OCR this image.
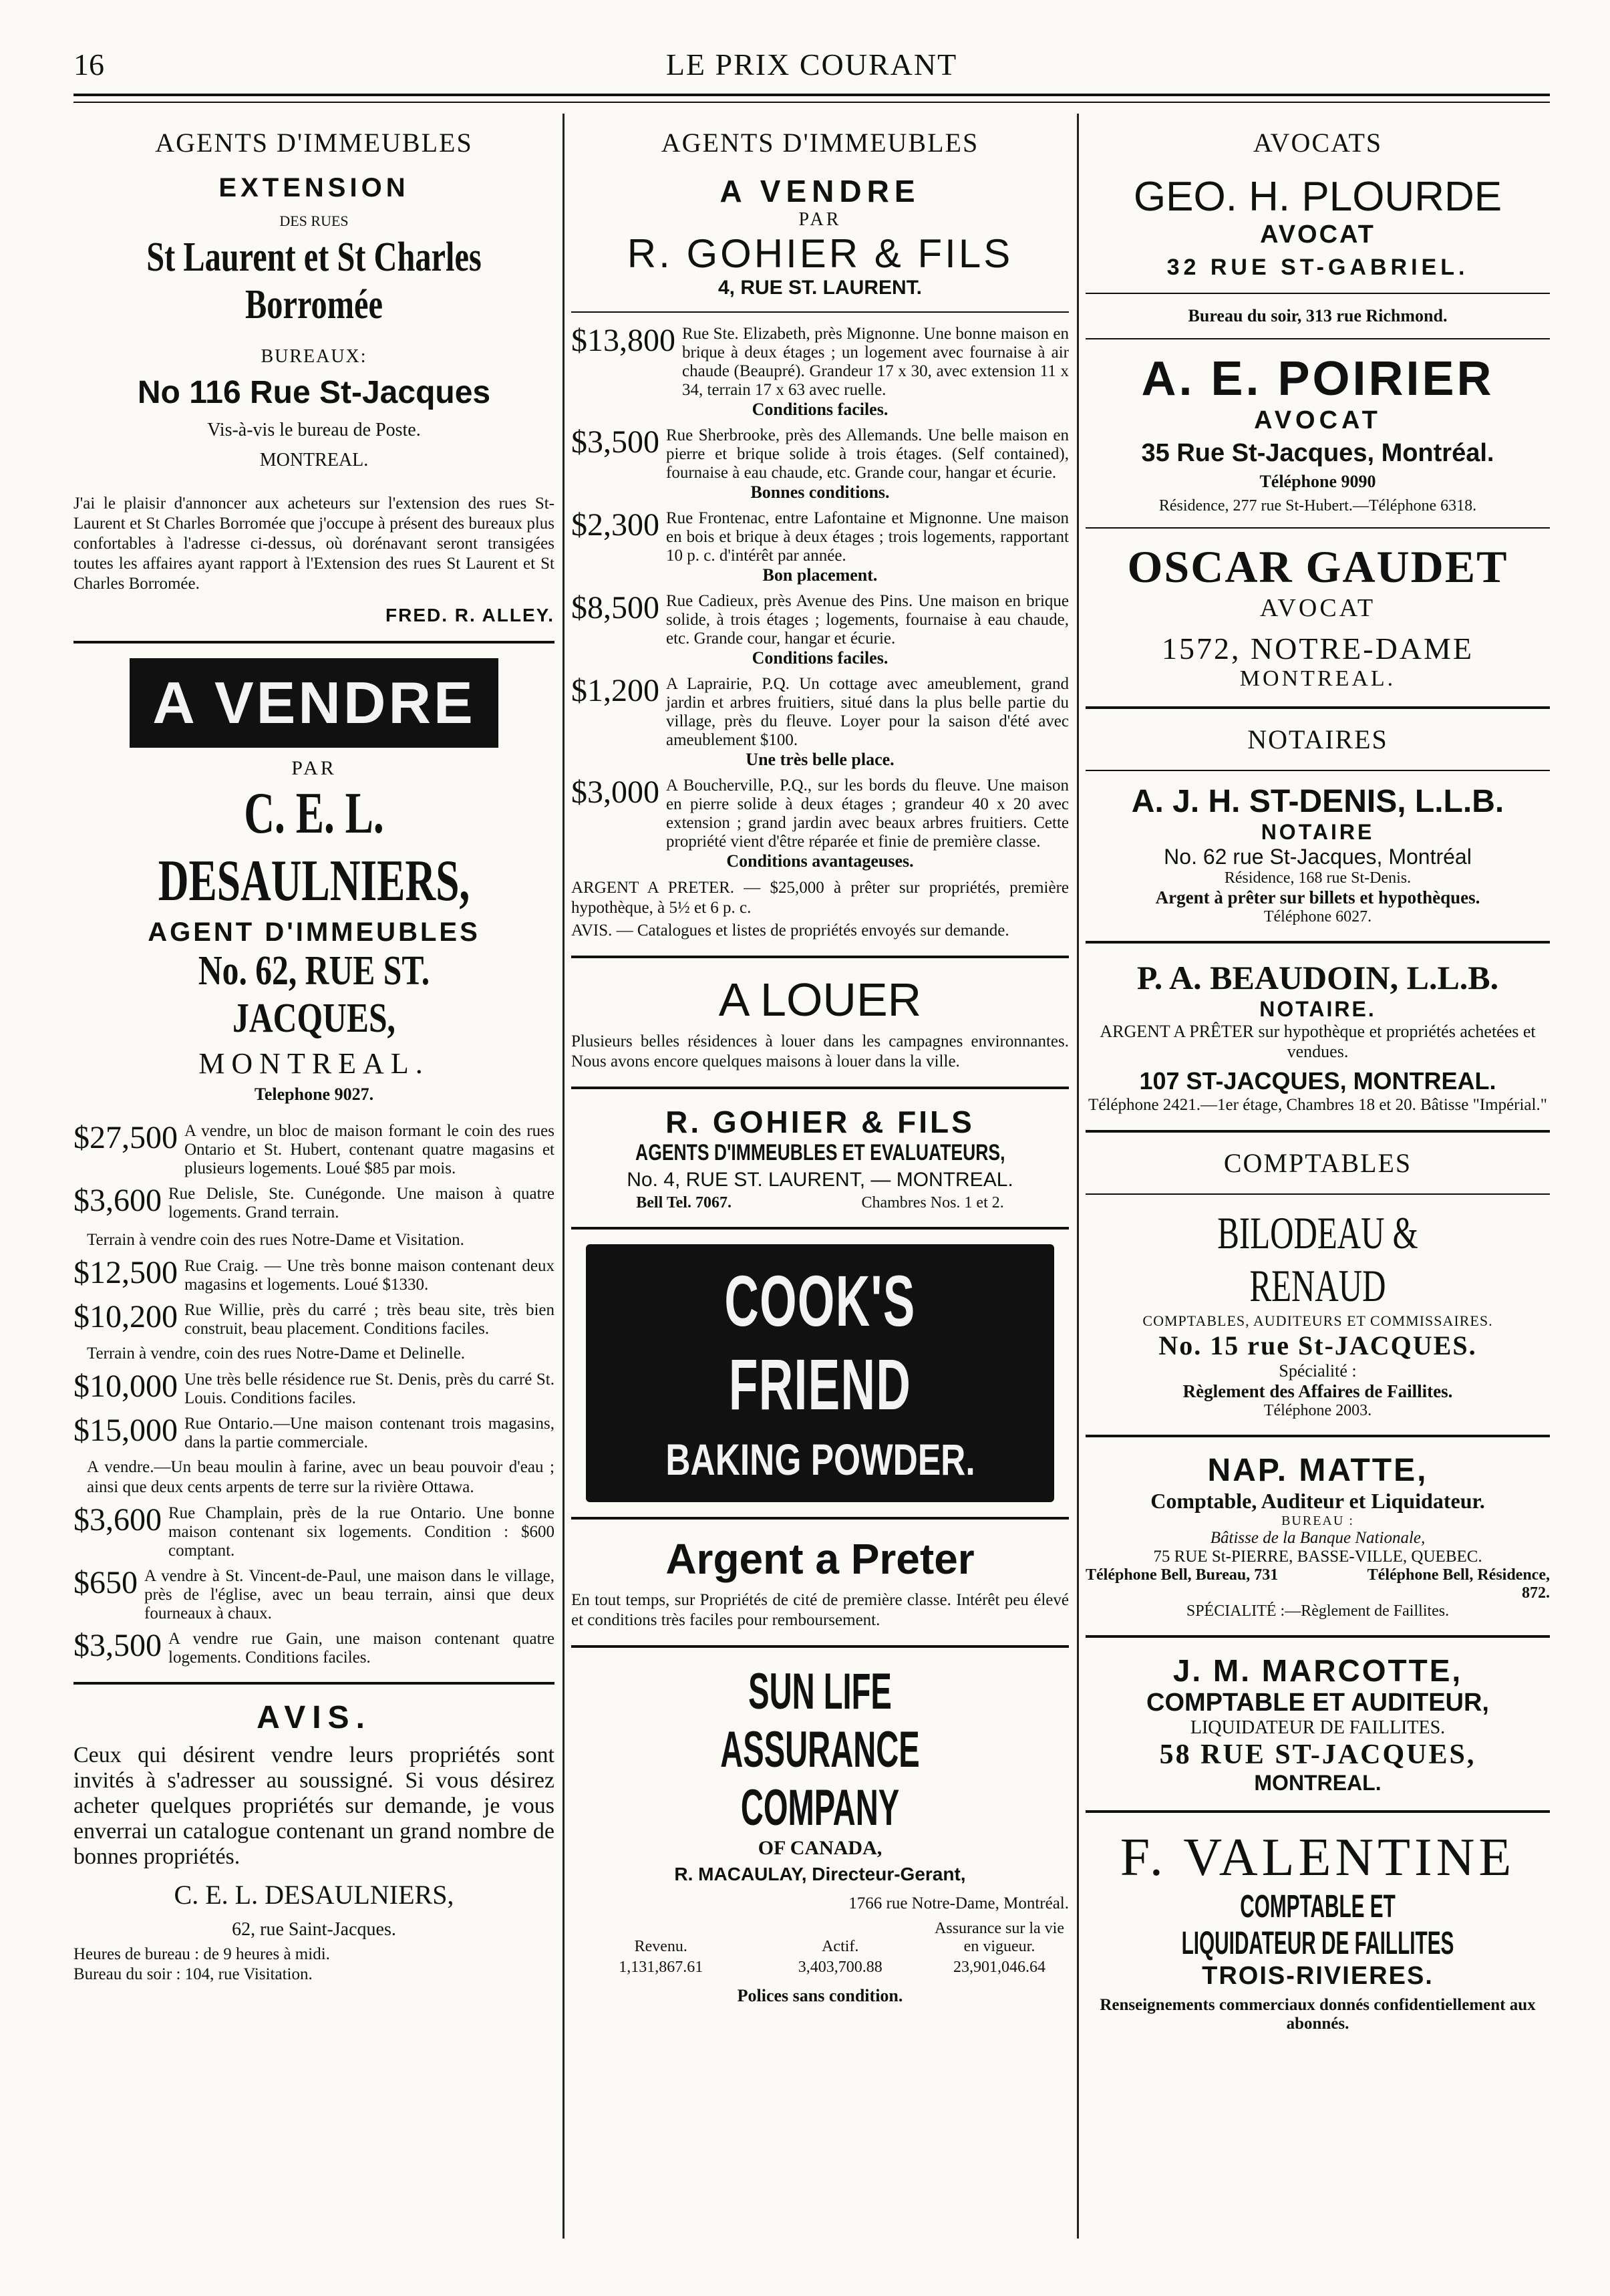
16	LE PRIX COURANT
AGENTS D'IMMEUBLES
EXTENSION
DES RUES
St Laurent et St Charles Borromée
BUREAUX:
No 116 Rue St-Jacques
Vis-à-vis le bureau de Poste.
MONTREAL.
J'ai le plaisir d'annoncer aux acheteurs sur l'extension des rues St-Laurent et St Charles Borromée que j'occupe à présent des bureaux plus confortables à l'adresse ci-dessus, où dorénavant seront transigées toutes les affaires ayant rapport à l'Extension des rues St Laurent et St Charles Borromée.
FRED. R. ALLEY.
A VENDRE
PAR
C. E. L. DESAULNIERS,
AGENT D'IMMEUBLES
No. 62, RUE ST. JACQUES,
MONTREAL.
Telephone 9027.
$27,500 A vendre, un bloc de maison formant le coin des rues Ontario et St. Hubert, contenant quatre magasins et plusieurs logements. Loué $85 par mois.
$3,600 Rue Delisle, Ste. Cunégonde. Une maison à quatre logements. Grand terrain.
Terrain à vendre coin des rues Notre-Dame et Visitation.
$12,500 Rue Craig. — Une très bonne maison contenant deux magasins et logements. Loué $1330.
$10,200 Rue Willie, près du carré ; très beau site, très bien construit, beau placement. Conditions faciles.
Terrain à vendre, coin des rues Notre-Dame et Delinelle.
$10,000 Une très belle résidence rue St. Denis, près du carré St. Louis. Conditions faciles.
$15,000 Rue Ontario.—Une maison contenant trois magasins, dans la partie commerciale.
A vendre.—Un beau moulin à farine, avec un beau pouvoir d'eau ; ainsi que deux cents arpents de terre sur la rivière Ottawa.
$3,600 Rue Champlain, près de la rue Ontario. Une bonne maison contenant six logements. Condition : $600 comptant.
$650 A vendre à St. Vincent-de-Paul, une maison dans le village, près de l'église, avec un beau terrain, ainsi que deux fourneaux à chaux.
$3,500 A vendre rue Gain, une maison contenant quatre logements. Conditions faciles.
AVIS.
Ceux qui désirent vendre leurs propriétés sont invités à s'adresser au soussigné. Si vous désirez acheter quelques propriétés sur demande, je vous enverrai un catalogue contenant un grand nombre de bonnes propriétés.
C. E. L. DESAULNIERS,
62, rue Saint-Jacques.
Heures de bureau : de 9 heures à midi.
Bureau du soir : 104, rue Visitation.
AGENTS D'IMMEUBLES
A VENDRE
PAR
R. GOHIER & FILS
4, RUE ST. LAURENT.
$13,800 Rue Ste. Elizabeth, près Mignonne. Une bonne maison en brique à deux étages ; un logement avec fournaise à air chaude (Beaupré). Grandeur 17 x 30, avec extension 11 x 34, terrain 17 x 63 avec ruelle.
Conditions faciles.
$3,500 Rue Sherbrooke, près des Allemands. Une belle maison en pierre et brique solide à trois étages. (Self contained), fournaise à eau chaude, etc. Grande cour, hangar et écurie.
Bonnes conditions.
$2,300 Rue Frontenac, entre Lafontaine et Mignonne. Une maison en bois et brique à deux étages ; trois logements, rapportant 10 p. c. d'intérêt par année.
Bon placement.
$8,500 Rue Cadieux, près Avenue des Pins. Une maison en brique solide, à trois étages ; logements, fournaise à eau chaude, etc. Grande cour, hangar et écurie.
Conditions faciles.
$1,200 A Laprairie, P.Q. Un cottage avec ameublement, grand jardin et arbres fruitiers, situé dans la plus belle partie du village, près du fleuve. Loyer pour la saison d'été avec ameublement $100.
Une très belle place.
$3,000 A Boucherville, P.Q., sur les bords du fleuve. Une maison en pierre solide à deux étages ; grandeur 40 x 20 avec extension ; grand jardin avec beaux arbres fruitiers. Cette propriété vient d'être réparée et finie de première classe.
Conditions avantageuses.
ARGENT A PRETER. — $25,000 à prêter sur propriétés, première hypothèque, à 5½ et 6 p. c.
AVIS. — Catalogues et listes de propriétés envoyés sur demande.
A LOUER
Plusieurs belles résidences à louer dans les campagnes environnantes. Nous avons encore quelques maisons à louer dans la ville.
R. GOHIER & FILS
AGENTS D'IMMEUBLES ET EVALUATEURS,
No. 4, RUE ST. LAURENT, — MONTREAL.
Bell Tel. 7067.	Chambres Nos. 1 et 2.
COOK'S FRIEND
BAKING POWDER.
Argent a Preter
En tout temps, sur Propriétés de cité de première classe. Intérêt peu élevé et conditions très faciles pour remboursement.
SUN LIFE ASSURANCE COMPANY
OF CANADA,
R. MACAULAY, Directeur-Gerant,
1766 rue Notre-Dame, Montréal.
Revenu.	Actif.	Assurance sur la vie en vigueur.
1,131,867.61	3,403,700.88	23,901,046.64
Polices sans condition.
AVOCATS
GEO. H. PLOURDE
AVOCAT
32 RUE ST-GABRIEL.
Bureau du soir, 313 rue Richmond.
A. E. POIRIER
AVOCAT
35 Rue St-Jacques, Montréal.
Téléphone 9090
Résidence, 277 rue St-Hubert.—Téléphone 6318.
OSCAR GAUDET
AVOCAT
1572, NOTRE-DAME
MONTREAL.
NOTAIRES
A. J. H. ST-DENIS, L.L.B.
NOTAIRE
No. 62 rue St-Jacques, Montréal
Résidence, 168 rue St-Denis.
Argent à prêter sur billets et hypothèques.
Téléphone 6027.
P. A. BEAUDOIN, L.L.B.
NOTAIRE.
ARGENT A PRÊTER sur hypothèque et propriétés achetées et vendues.
107 ST-JACQUES, MONTREAL.
Téléphone 2421.—1er étage, Chambres 18 et 20. Bâtisse "Impérial."
COMPTABLES
BILODEAU & RENAUD
COMPTABLES, AUDITEURS ET COMMISSAIRES.
No. 15 rue St-JACQUES.
Spécialité :
Règlement des Affaires de Faillites.
Téléphone 2003.
NAP. MATTE,
Comptable, Auditeur et Liquidateur.
BUREAU :
Bâtisse de la Banque Nationale,
75 RUE St-PIERRE, BASSE-VILLE, QUEBEC.
Téléphone Bell, Bureau, 731	Téléphone Bell, Résidence, 872.
SPÉCIALITÉ :—Règlement de Faillites.
J. M. MARCOTTE,
COMPTABLE ET AUDITEUR,
LIQUIDATEUR DE FAILLITES.
58 RUE ST-JACQUES,
MONTREAL.
F. VALENTINE
COMPTABLE ET LIQUIDATEUR DE FAILLITES
TROIS-RIVIERES.
Renseignements commerciaux donnés confidentiellement aux abonnés.
